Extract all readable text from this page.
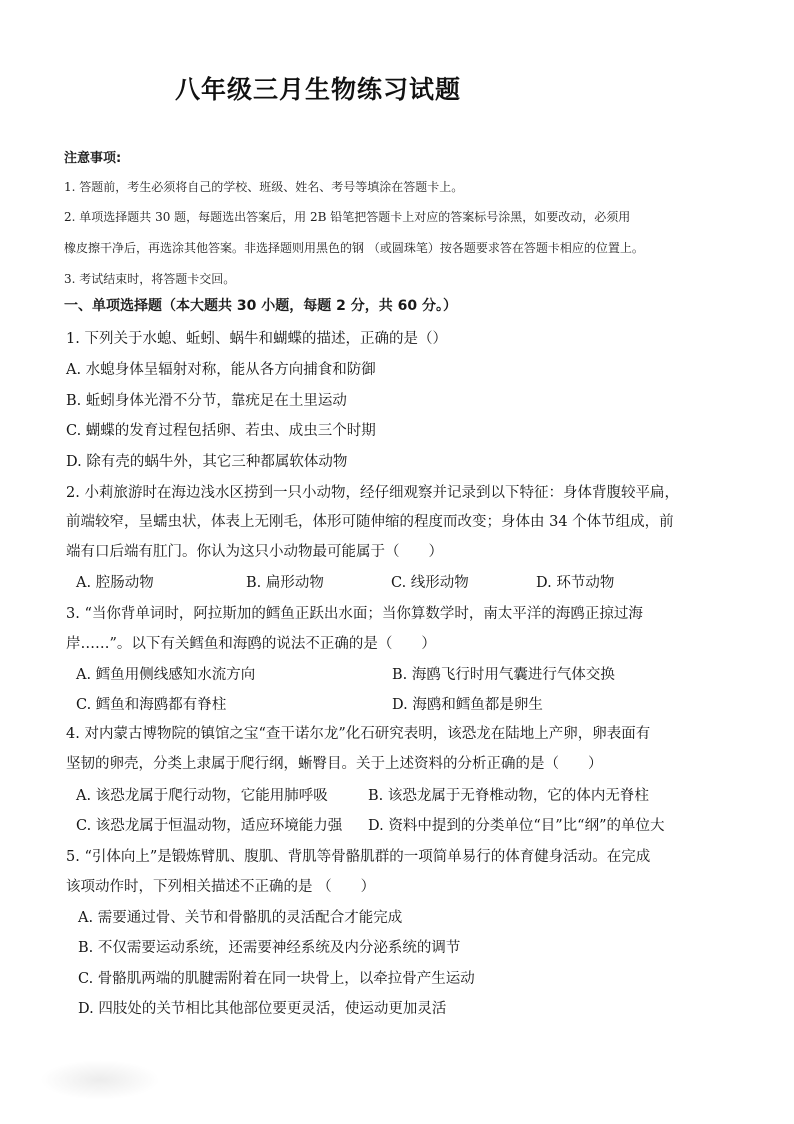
八年级三月生物练习试题
注意事项:
1. 答题前，考生必须将自己的学校、班级、姓名、考号等填涂在答题卡上。
2. 单项选择题共 30 题，每题选出答案后，用 2B 铅笔把答题卡上对应的答案标号涂黑，如要改动，必须用
橡皮擦干净后，再选涂其他答案。非选择题则用黑色的钢 （或圆珠笔）按各题要求答在答题卡相应的位置上。
3. 考试结束时，将答题卡交回。
一、单项选择题（本大题共 30 小题，每题 2 分，共 60 分。）
1. 下列关于水螅、蚯蚓、蜗牛和蝴蝶的描述，正确的是（）
A. 水螅身体呈辐射对称，能从各方向捕食和防御
B. 蚯蚓身体光滑不分节，靠疣足在土里运动
C. 蝴蝶的发育过程包括卵、若虫、成虫三个时期
D. 除有壳的蜗牛外，其它三种都属软体动物
2. 小莉旅游时在海边浅水区捞到一只小动物，经仔细观察并记录到以下特征：身体背腹较平扁，
前端较窄，呈蠕虫状，体表上无刚毛，体形可随伸缩的程度而改变；身体由 34 个体节组成，前
端有口后端有肛门。你认为这只小动物最可能属于（　　）
A. 腔肠动物	B. 扁形动物	C. 线形动物	D. 环节动物
3. “当你背单词时，阿拉斯加的鳕鱼正跃出水面；当你算数学时，南太平洋的海鸥正掠过海
岸……”。以下有关鳕鱼和海鸥的说法不正确的是（　　）
A. 鳕鱼用侧线感知水流方向	B. 海鸥飞行时用气囊进行气体交换
C. 鳕鱼和海鸥都有脊柱	D. 海鸥和鳕鱼都是卵生
4. 对内蒙古博物院的镇馆之宝“查干诺尔龙”化石研究表明，该恐龙在陆地上产卵，卵表面有
坚韧的卵壳，分类上隶属于爬行纲，蜥臀目。关于上述资料的分析正确的是（　　）
A. 该恐龙属于爬行动物，它能用肺呼吸	B. 该恐龙属于无脊椎动物，它的体内无脊柱
C. 该恐龙属于恒温动物，适应环境能力强 D. 资料中提到的分类单位“目”比“纲”的单位大
5. “引体向上”是锻炼臂肌、腹肌、背肌等骨骼肌群的一项简单易行的体育健身活动。在完成
该项动作时，下列相关描述不正确的是 （　　）
A. 需要通过骨、关节和骨骼肌的灵活配合才能完成
B. 不仅需要运动系统，还需要神经系统及内分泌系统的调节
C. 骨骼肌两端的肌腱需附着在同一块骨上，以牵拉骨产生运动
D. 四肢处的关节相比其他部位要更灵活，使运动更加灵活
